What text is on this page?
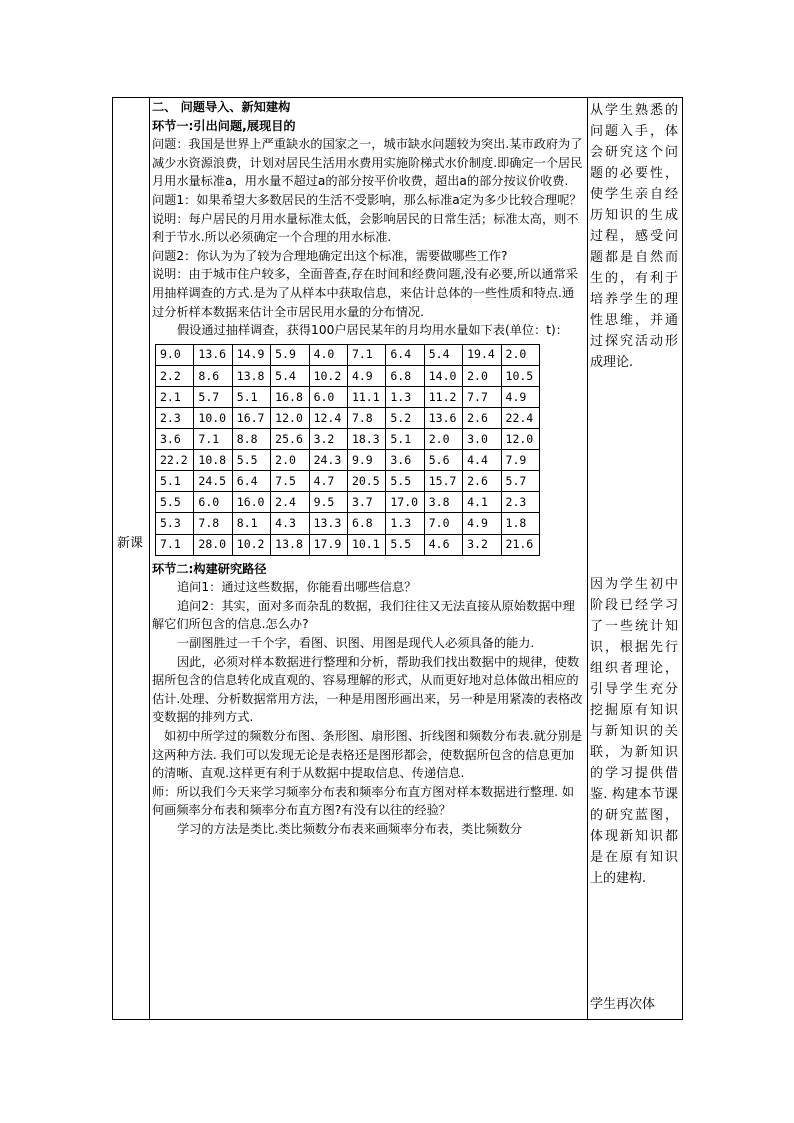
新课

二、 问题导入、新知建构

环节一:引出问题,展现目的

问题：我国是世界上严重缺水的国家之一，城市缺水问题较为突出.某市政府为了减少水资源浪费，计划对居民生活用水费用实施阶梯式水价制度.即确定一个居民月用水量标准a，用水量不超过a的部分按平价收费，超出a的部分按议价收费.

问题1：如果希望大多数居民的生活不受影响，那么标准a定为多少比较合理呢？

说明：每户居民的月用水量标准太低，会影响居民的日常生活；标准太高，则不利于节水.所以必须确定一个合理的用水标准.

问题2：你认为为了较为合理地确定出这个标准，需要做哪些工作?

说明：由于城市住户较多，全面普查,存在时间和经费问题,没有必要,所以通常采用抽样调查的方式.是为了从样本中获取信息，来估计总体的一些性质和特点.通过分析样本数据来估计全市居民用水量的分布情况.

假设通过抽样调查，获得100户居民某年的月均用水量如下表(单位：t)：

9.0	13.6	14.9	5.9	4.0	7.1	6.4	5.4	19.4	2.0
2.2	8.6	13.8	5.4	10.2	4.9	6.8	14.0	2.0	10.5
2.1	5.7	5.1	16.8	6.0	11.1	1.3	11.2	7.7	4.9
2.3	10.0	16.7	12.0	12.4	7.8	5.2	13.6	2.6	22.4
3.6	7.1	8.8	25.6	3.2	18.3	5.1	2.0	3.0	12.0
22.2	10.8	5.5	2.0	24.3	9.9	3.6	5.6	4.4	7.9
5.1	24.5	6.4	7.5	4.7	20.5	5.5	15.7	2.6	5.7
5.5	6.0	16.0	2.4	9.5	3.7	17.0	3.8	4.1	2.3
5.3	7.8	8.1	4.3	13.3	6.8	1.3	7.0	4.9	1.8
7.1	28.0	10.2	13.8	17.9	10.1	5.5	4.6	3.2	21.6

环节二:构建研究路径

追问1：通过这些数据，你能看出哪些信息？

追问2：其实，面对多而杂乱的数据，我们往往又无法直接从原始数据中理解它们所包含的信息.怎么办?

一副图胜过一千个字，看图、识图、用图是现代人必须具备的能力.

因此，必须对样本数据进行整理和分析，帮助我们找出数据中的规律，使数据所包含的信息转化成直观的、容易理解的形式，从而更好地对总体做出相应的估计.处理、分析数据常用方法，一种是用图形画出来，另一种是用紧凑的表格改变数据的排列方式.

如初中所学过的频数分布图、条形图、扇形图、折线图和频数分布表.就分别是这两种方法. 我们可以发现无论是表格还是图形都会，使数据所包含的信息更加的清晰、直观.这样更有利于从数据中提取信息、传递信息.

师：所以我们今天来学习频率分布表和频率分布直方图对样本数据进行整理. 如何画频率分布表和频率分布直方图?有没有以往的经验？

学习的方法是类比.类比频数分布表来画频率分布表，类比频数分

从学生熟悉的问题入手，体会研究这个问题的必要性，使学生亲自经历知识的生成过程，感受问题都是自然而生的，有利于培养学生的理性思维，并通过探究活动形成理论.
因为学生初中阶段已经学习了一些统计知识，根据先行组织者理论，引导学生充分挖掘原有知识与新知识的关联，为新知识的学习提供借鉴. 构建本节课的研究蓝图，体现新知识都是在原有知识上的建构.
学生再次体
